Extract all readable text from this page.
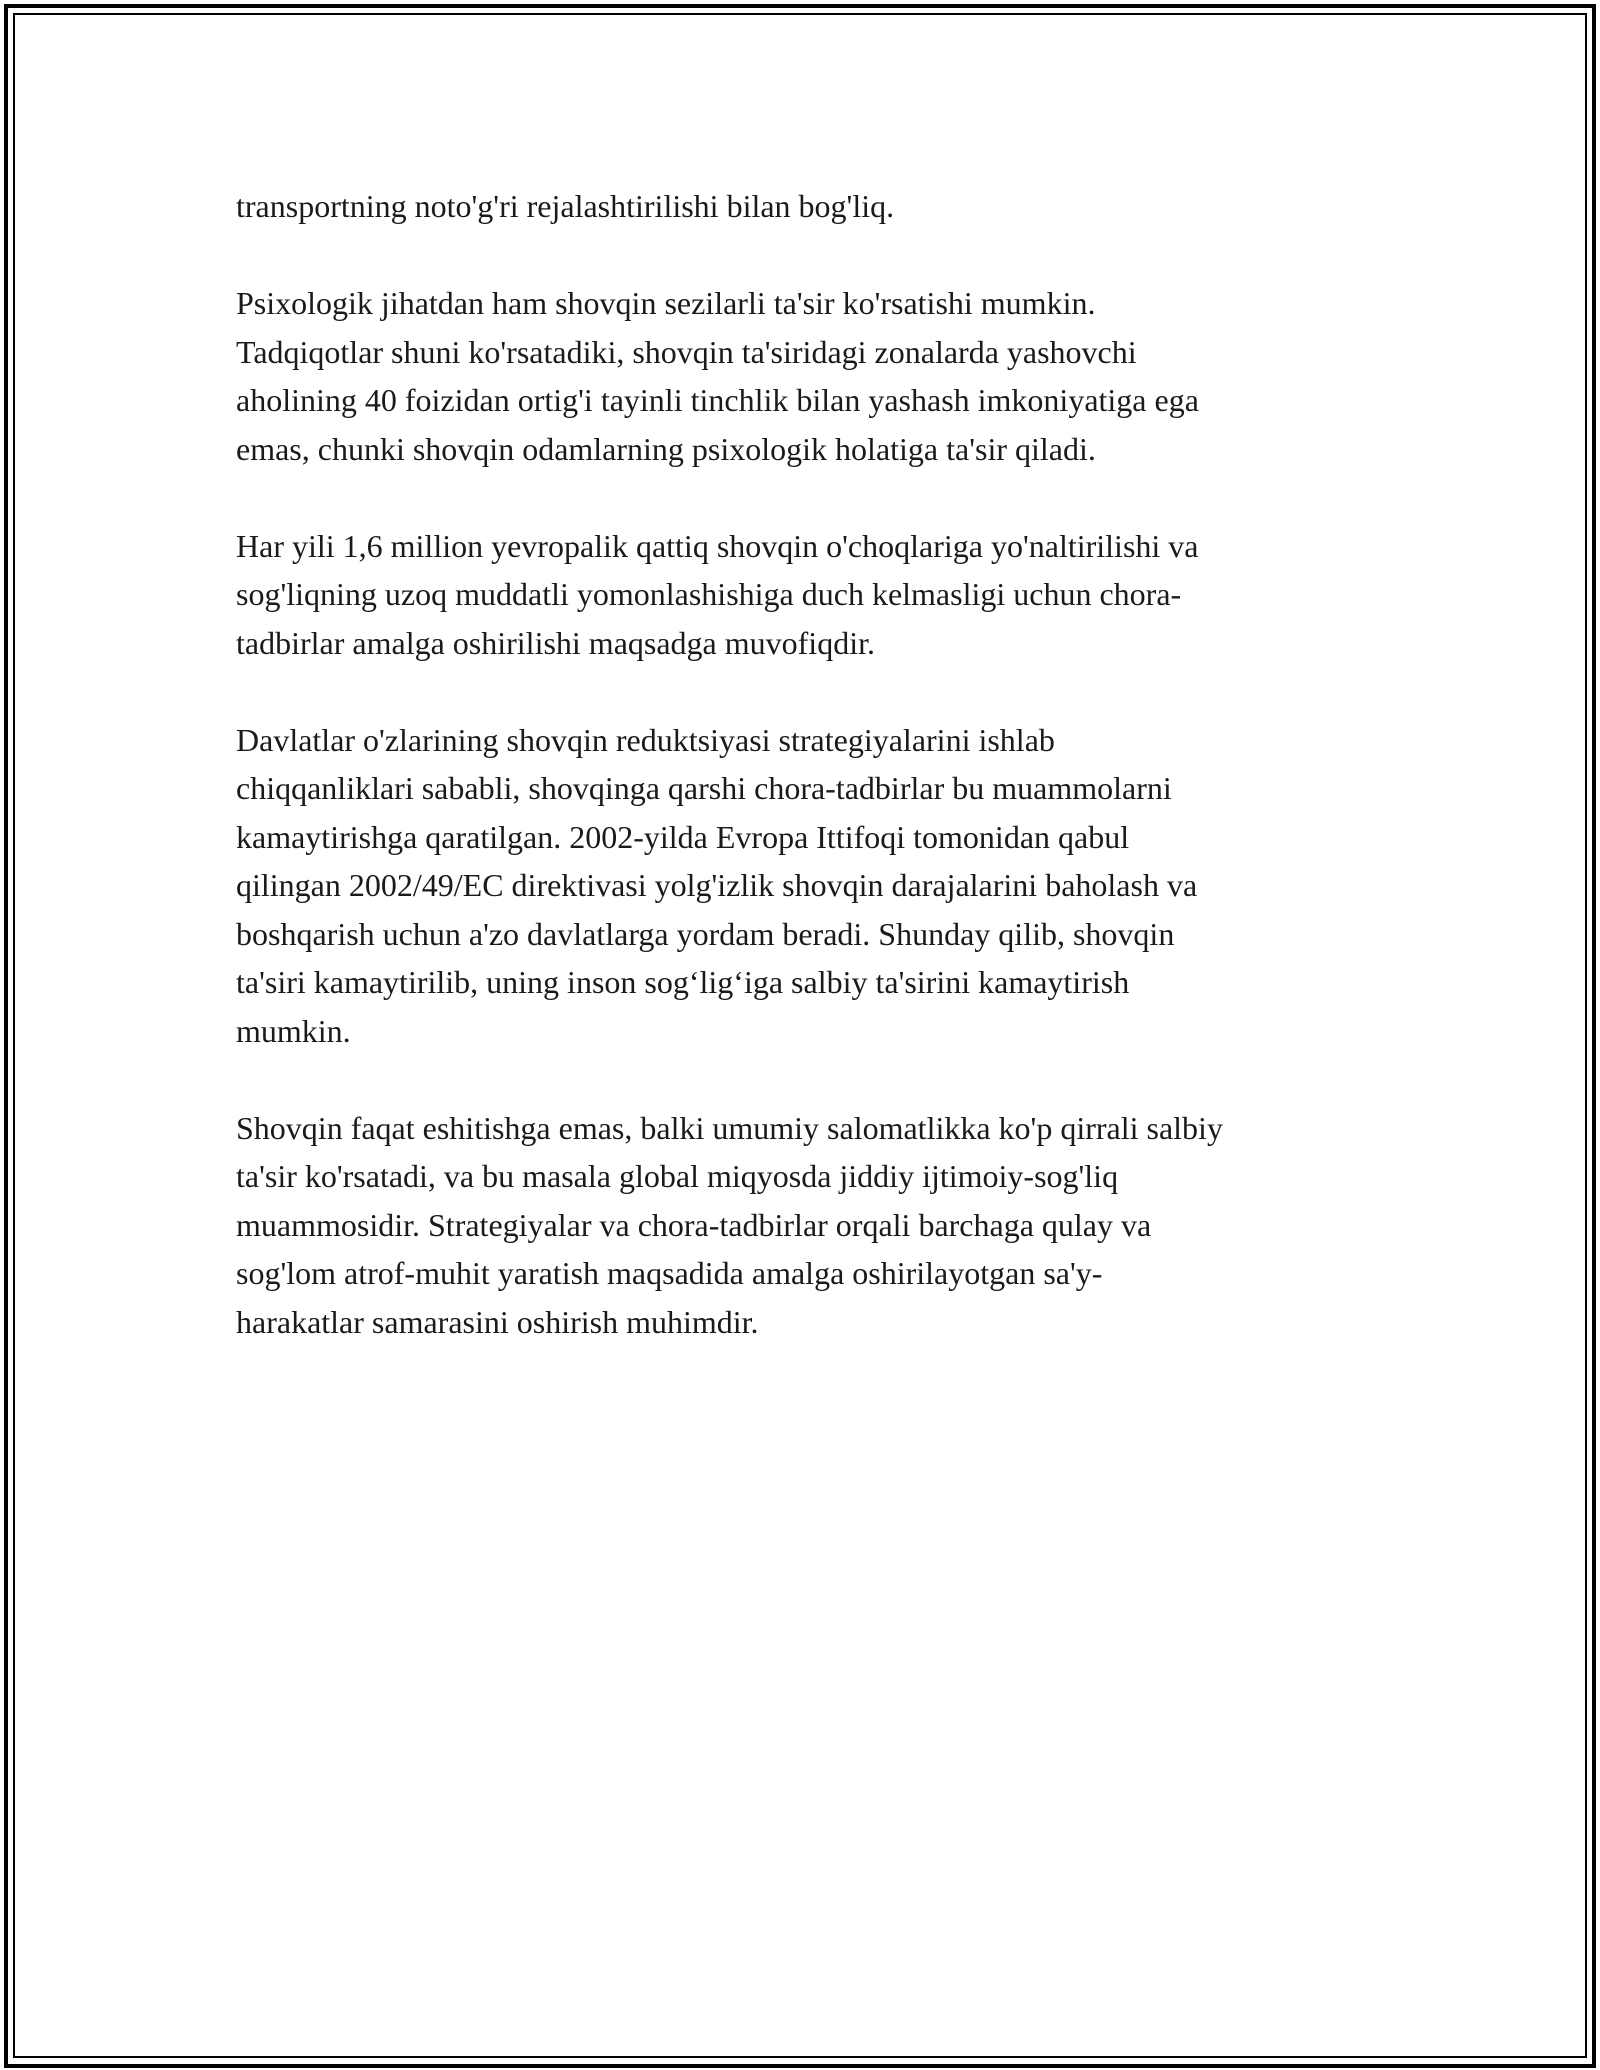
transportning noto'g'ri rejalashtirilishi bilan bog'liq.

Psixologik jihatdan ham shovqin sezilarli ta'sir ko'rsatishi mumkin.
Tadqiqotlar shuni ko'rsatadiki, shovqin ta'siridagi zonalarda yashovchi
aholining 40 foizidan ortig'i tayinli tinchlik bilan yashash imkoniyatiga ega
emas, chunki shovqin odamlarning psixologik holatiga ta'sir qiladi.

Har yili 1,6 million yevropalik qattiq shovqin o'choqlariga yo'naltirilishi va
sog'liqning uzoq muddatli yomonlashishiga duch kelmasligi uchun chora-
tadbirlar amalga oshirilishi maqsadga muvofiqdir.

Davlatlar o'zlarining shovqin reduktsiyasi strategiyalarini ishlab
chiqqanliklari sababli, shovqinga qarshi chora-tadbirlar bu muammolarni
kamaytirishga qaratilgan. 2002-yilda Evropa Ittifoqi tomonidan qabul
qilingan 2002/49/EC direktivasi yolg'izlik shovqin darajalarini baholash va
boshqarish uchun a'zo davlatlarga yordam beradi. Shunday qilib, shovqin
ta'siri kamaytirilib, uning inson sog‘lig‘iga salbiy ta'sirini kamaytirish
mumkin.

Shovqin faqat eshitishga emas, balki umumiy salomatlikka ko'p qirrali salbiy
ta'sir ko'rsatadi, va bu masala global miqyosda jiddiy ijtimoiy-sog'liq
muammosidir. Strategiyalar va chora-tadbirlar orqali barchaga qulay va
sog'lom atrof-muhit yaratish maqsadida amalga oshirilayotgan sa'y-
harakatlar samarasini oshirish muhimdir.
